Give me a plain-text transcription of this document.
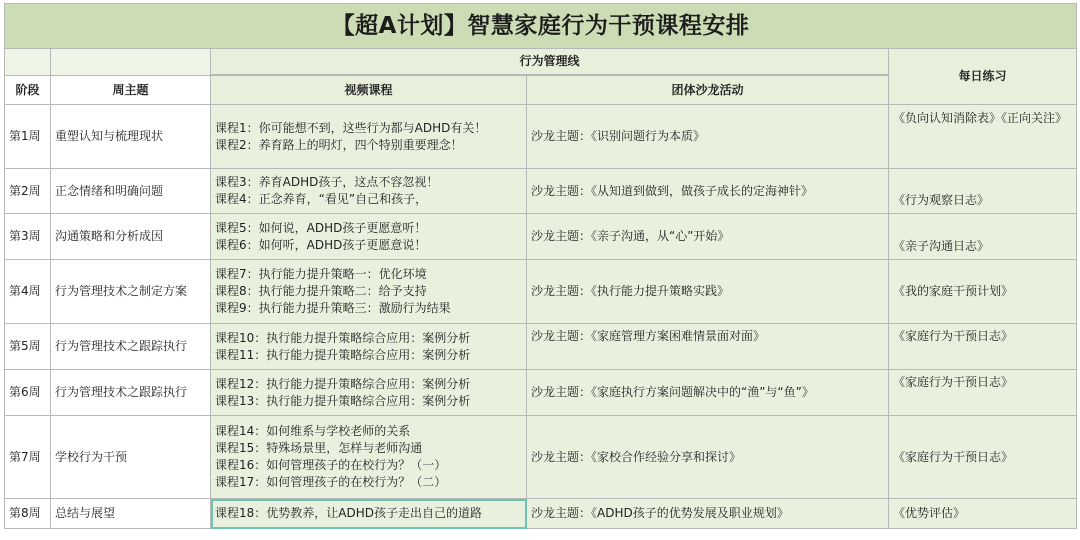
【超A计划】智慧家庭行为干预课程安排				
		行为管理线		每日练习

阶段	周主题	视频课程	团体沙龙活动	
第1周	重塑认知与梳理现状	课程1：你可能想不到，这些行为都与ADHD有关！
课程2：养育路上的明灯，四个特别重要理念！	沙龙主题：《识别问题行为本质》	《负向认知消除表》《正向关注》
第2周	正念情绪和明确问题	课程3：养育ADHD孩子，这点不容忽视！
课程4：正念养育，“看见”自己和孩子，	沙龙主题：《从知道到做到，做孩子成长的定海神针》	《行为观察日志》
第3周	沟通策略和分析成因	课程5：如何说，ADHD孩子更愿意听！
课程6：如何听，ADHD孩子更愿意说！	沙龙主题：《亲子沟通，从“心”开始》	《亲子沟通日志》
第4周	行为管理技术之制定方案	课程7：执行能力提升策略一：优化环境
课程8：执行能力提升策略二：给予支持
课程9：执行能力提升策略三：激励行为结果	沙龙主题：《执行能力提升策略实践》	《我的家庭干预计划》
第5周	行为管理技术之跟踪执行	课程10：执行能力提升策略综合应用：案例分析
课程11：执行能力提升策略综合应用：案例分析	沙龙主题：《家庭管理方案困难情景面对面》	《家庭行为干预日志》
第6周	行为管理技术之跟踪执行	课程12：执行能力提升策略综合应用：案例分析
课程13：执行能力提升策略综合应用：案例分析	沙龙主题：《家庭执行方案问题解决中的“渔”与“鱼”》	《家庭行为干预日志》
第7周	学校行为干预	课程14：如何维系与学校老师的关系
课程15：特殊场景里，怎样与老师沟通
课程16：如何管理孩子的在校行为？（一）
课程17：如何管理孩子的在校行为？（二）	沙龙主题：《家校合作经验分享和探讨》	《家庭行为干预日志》
第8周	总结与展望	课程18：优势教养，让ADHD孩子走出自己的道路	沙龙主题：《ADHD孩子的优势发展及职业规划》	《优势评估》
